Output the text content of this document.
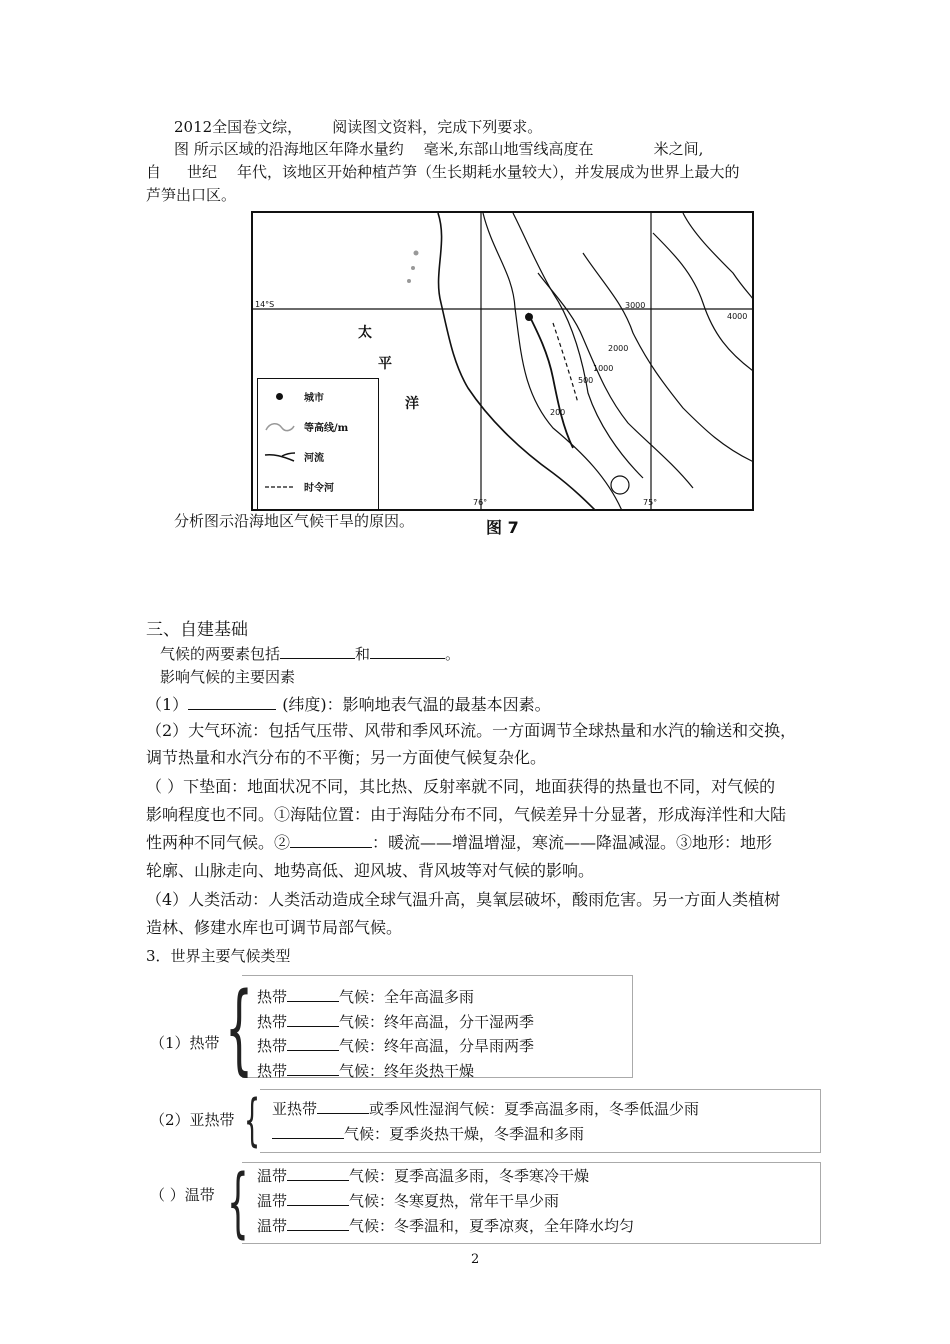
2012全国卷文综， 阅读图文资料，完成下列要求。
图 所示区域的沿海地区年降水量约 毫米,东部山地雪线高度在	米之间,
自 世纪 年代，该地区开始种植芦笋（生长期耗水量较大），并发展成为世界上最大的
芦笋出口区。
14°S
76°	75°
200
500
1000
2000
3000
4000
太
平
洋
城市
等高线/m
河流
时令河
分析图示沿海地区气候干旱的原因。	图 7
三、自建基础
气候的两要素包括	和	。
影响气候的主要因素
（1）	(纬度)：影响地表气温的最基本因素。
（2）大气环流：包括气压带、风带和季风环流。一方面调节全球热量和水汽的输送和交换，
调节热量和水汽分布的不平衡；另一方面使气候复杂化。
（ ）下垫面：地面状况不同，其比热、反射率就不同，地面获得的热量也不同，对气候的
影响程度也不同。①海陆位置：由于海陆分布不同，气候差异十分显著，形成海洋性和大陆
性两种不同气候。②	：暖流——增温增湿，寒流——降温减湿。③地形：地形
轮廓、山脉走向、地势高低、迎风坡、背风坡等对气候的影响。
（4）人类活动：人类活动造成全球气温升高，臭氧层破坏，酸雨危害。另一方面人类植树
造林、修建水库也可调节局部气候。
3．世界主要气候类型
（1）热带 { 热带	气候：全年高温多雨
热带	气候：终年高温，分干湿两季
热带	气候：终年高温，分旱雨两季
热带	气候：终年炎热干燥
（2）亚热带 { 亚热带	或季风性湿润气候：夏季高温多雨，冬季低温少雨
气候：夏季炎热干燥，冬季温和多雨
（ ）温带 { 温带	气候：夏季高温多雨，冬季寒冷干燥
温带	气候：冬寒夏热，常年干旱少雨
温带	气候：冬季温和，夏季凉爽，全年降水均匀
2
